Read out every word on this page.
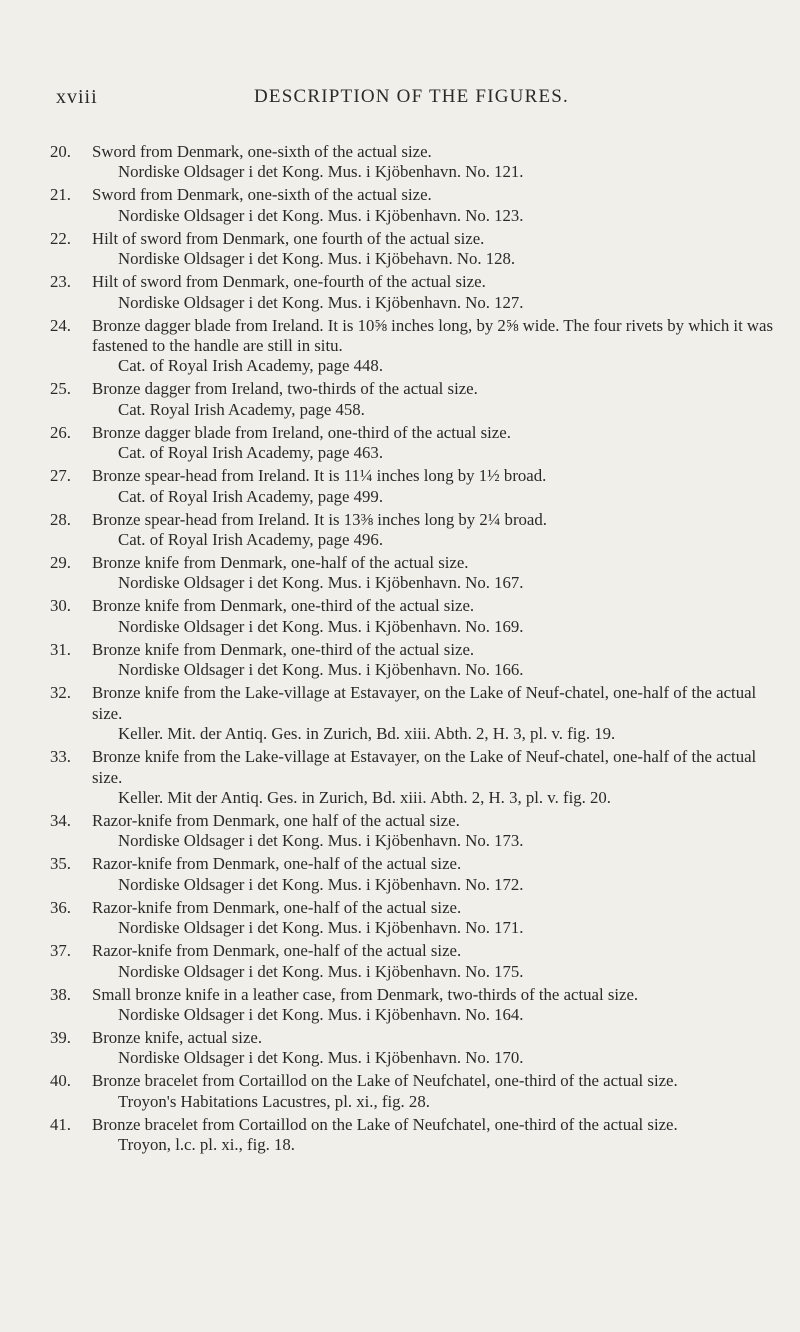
xviii	DESCRIPTION OF THE FIGURES.
20. Sword from Denmark, one-sixth of the actual size.
Nordiske Oldsager i det Kong. Mus. i Kjöbenhavn. No. 121.
21. Sword from Denmark, one-sixth of the actual size.
Nordiske Oldsager i det Kong. Mus. i Kjöbenhavn. No. 123.
22. Hilt of sword from Denmark, one fourth of the actual size.
Nordiske Oldsager i det Kong. Mus. i Kjöbehavn. No. 128.
23. Hilt of sword from Denmark, one-fourth of the actual size.
Nordiske Oldsager i det Kong. Mus. i Kjöbenhavn. No. 127.
24. Bronze dagger blade from Ireland. It is 10⅝ inches long, by 2⅝ wide. The four rivets by which it was fastened to the handle are still in situ.
Cat. of Royal Irish Academy, page 448.
25. Bronze dagger from Ireland, two-thirds of the actual size.
Cat. Royal Irish Academy, page 458.
26. Bronze dagger blade from Ireland, one-third of the actual size.
Cat. of Royal Irish Academy, page 463.
27. Bronze spear-head from Ireland. It is 11¼ inches long by 1½ broad.
Cat. of Royal Irish Academy, page 499.
28. Bronze spear-head from Ireland. It is 13⅜ inches long by 2¼ broad.
Cat. of Royal Irish Academy, page 496.
29. Bronze knife from Denmark, one-half of the actual size.
Nordiske Oldsager i det Kong. Mus. i Kjöbenhavn. No. 167.
30. Bronze knife from Denmark, one-third of the actual size.
Nordiske Oldsager i det Kong. Mus. i Kjöbenhavn. No. 169.
31. Bronze knife from Denmark, one-third of the actual size.
Nordiske Oldsager i det Kong. Mus. i Kjöbenhavn. No. 166.
32. Bronze knife from the Lake-village at Estavayer, on the Lake of Neuf-chatel, one-half of the actual size.
Keller. Mit. der Antiq. Ges. in Zurich, Bd. xiii. Abth. 2, H. 3, pl. v. fig. 19.
33. Bronze knife from the Lake-village at Estavayer, on the Lake of Neuf-chatel, one-half of the actual size.
Keller. Mit der Antiq. Ges. in Zurich, Bd. xiii. Abth. 2, H. 3, pl. v. fig. 20.
34. Razor-knife from Denmark, one half of the actual size.
Nordiske Oldsager i det Kong. Mus. i Kjöbenhavn. No. 173.
35. Razor-knife from Denmark, one-half of the actual size.
Nordiske Oldsager i det Kong. Mus. i Kjöbenhavn. No. 172.
36. Razor-knife from Denmark, one-half of the actual size.
Nordiske Oldsager i det Kong. Mus. i Kjöbenhavn. No. 171.
37. Razor-knife from Denmark, one-half of the actual size.
Nordiske Oldsager i det Kong. Mus. i Kjöbenhavn. No. 175.
38. Small bronze knife in a leather case, from Denmark, two-thirds of the actual size.
Nordiske Oldsager i det Kong. Mus. i Kjöbenhavn. No. 164.
39. Bronze knife, actual size.
Nordiske Oldsager i det Kong. Mus. i Kjöbenhavn. No. 170.
40. Bronze bracelet from Cortaillod on the Lake of Neufchatel, one-third of the actual size.
Troyon's Habitations Lacustres, pl. xi., fig. 28.
41. Bronze bracelet from Cortaillod on the Lake of Neufchatel, one-third of the actual size.
Troyon, l.c. pl. xi., fig. 18.
